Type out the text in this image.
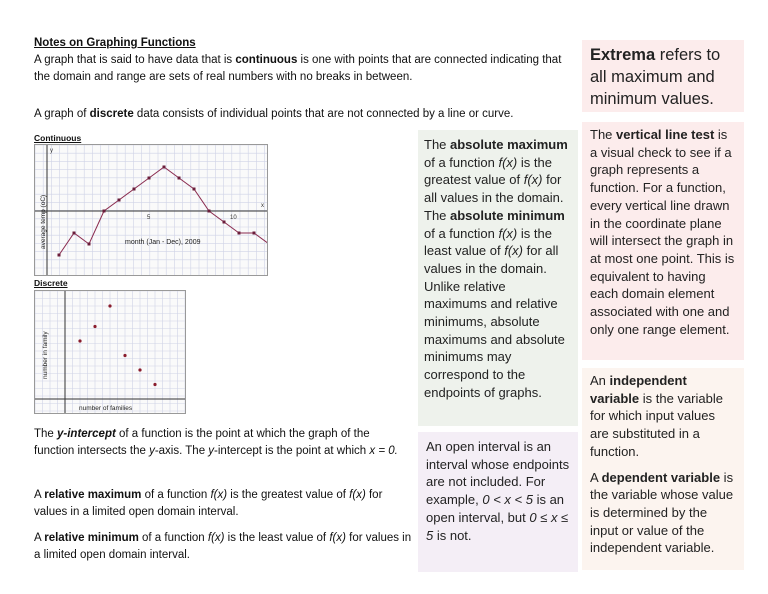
Notes on Graphing Functions
A graph that is said to have data that is continuous is one with points that are connected indicating that the domain and range are sets of real numbers with no breaks in between.
A graph of discrete data consists of individual points that are not connected by a line or curve.
Continuous
x
y
5	10
month (Jan - Dec), 2009
average temp (oC)
Discrete
number of families
number in family
The y-intercept of a function is the point at which the graph of the function intersects the y-axis. The y-intercept is the point at which x = 0.
A relative maximum of a function f(x) is the greatest value of f(x) for values in a limited open domain interval.
A relative minimum of a function f(x) is the least value of f(x) for values in a limited open domain interval.
The absolute maximum of a function f(x) is the greatest value of f(x) for all values in the domain. The absolute minimum of a function f(x) is the least value of f(x) for all values in the domain. Unlike relative maximums and relative minimums, absolute maximums and absolute minimums may correspond to the endpoints of graphs.
An open interval is an interval whose endpoints are not included. For example, 0 < x < 5 is an open interval, but 0 ≤ x ≤ 5 is not.
Extrema refers to all maximum and minimum values.
The vertical line test is a visual check to see if a graph represents a function. For a function, every vertical line drawn in the coordinate plane will intersect the graph in at most one point. This is equivalent to having each domain element associated with one and only one range element.
An independent variable is the variable for which input values are substituted in a function.
A dependent variable is the variable whose value is determined by the input or value of the independent variable.
